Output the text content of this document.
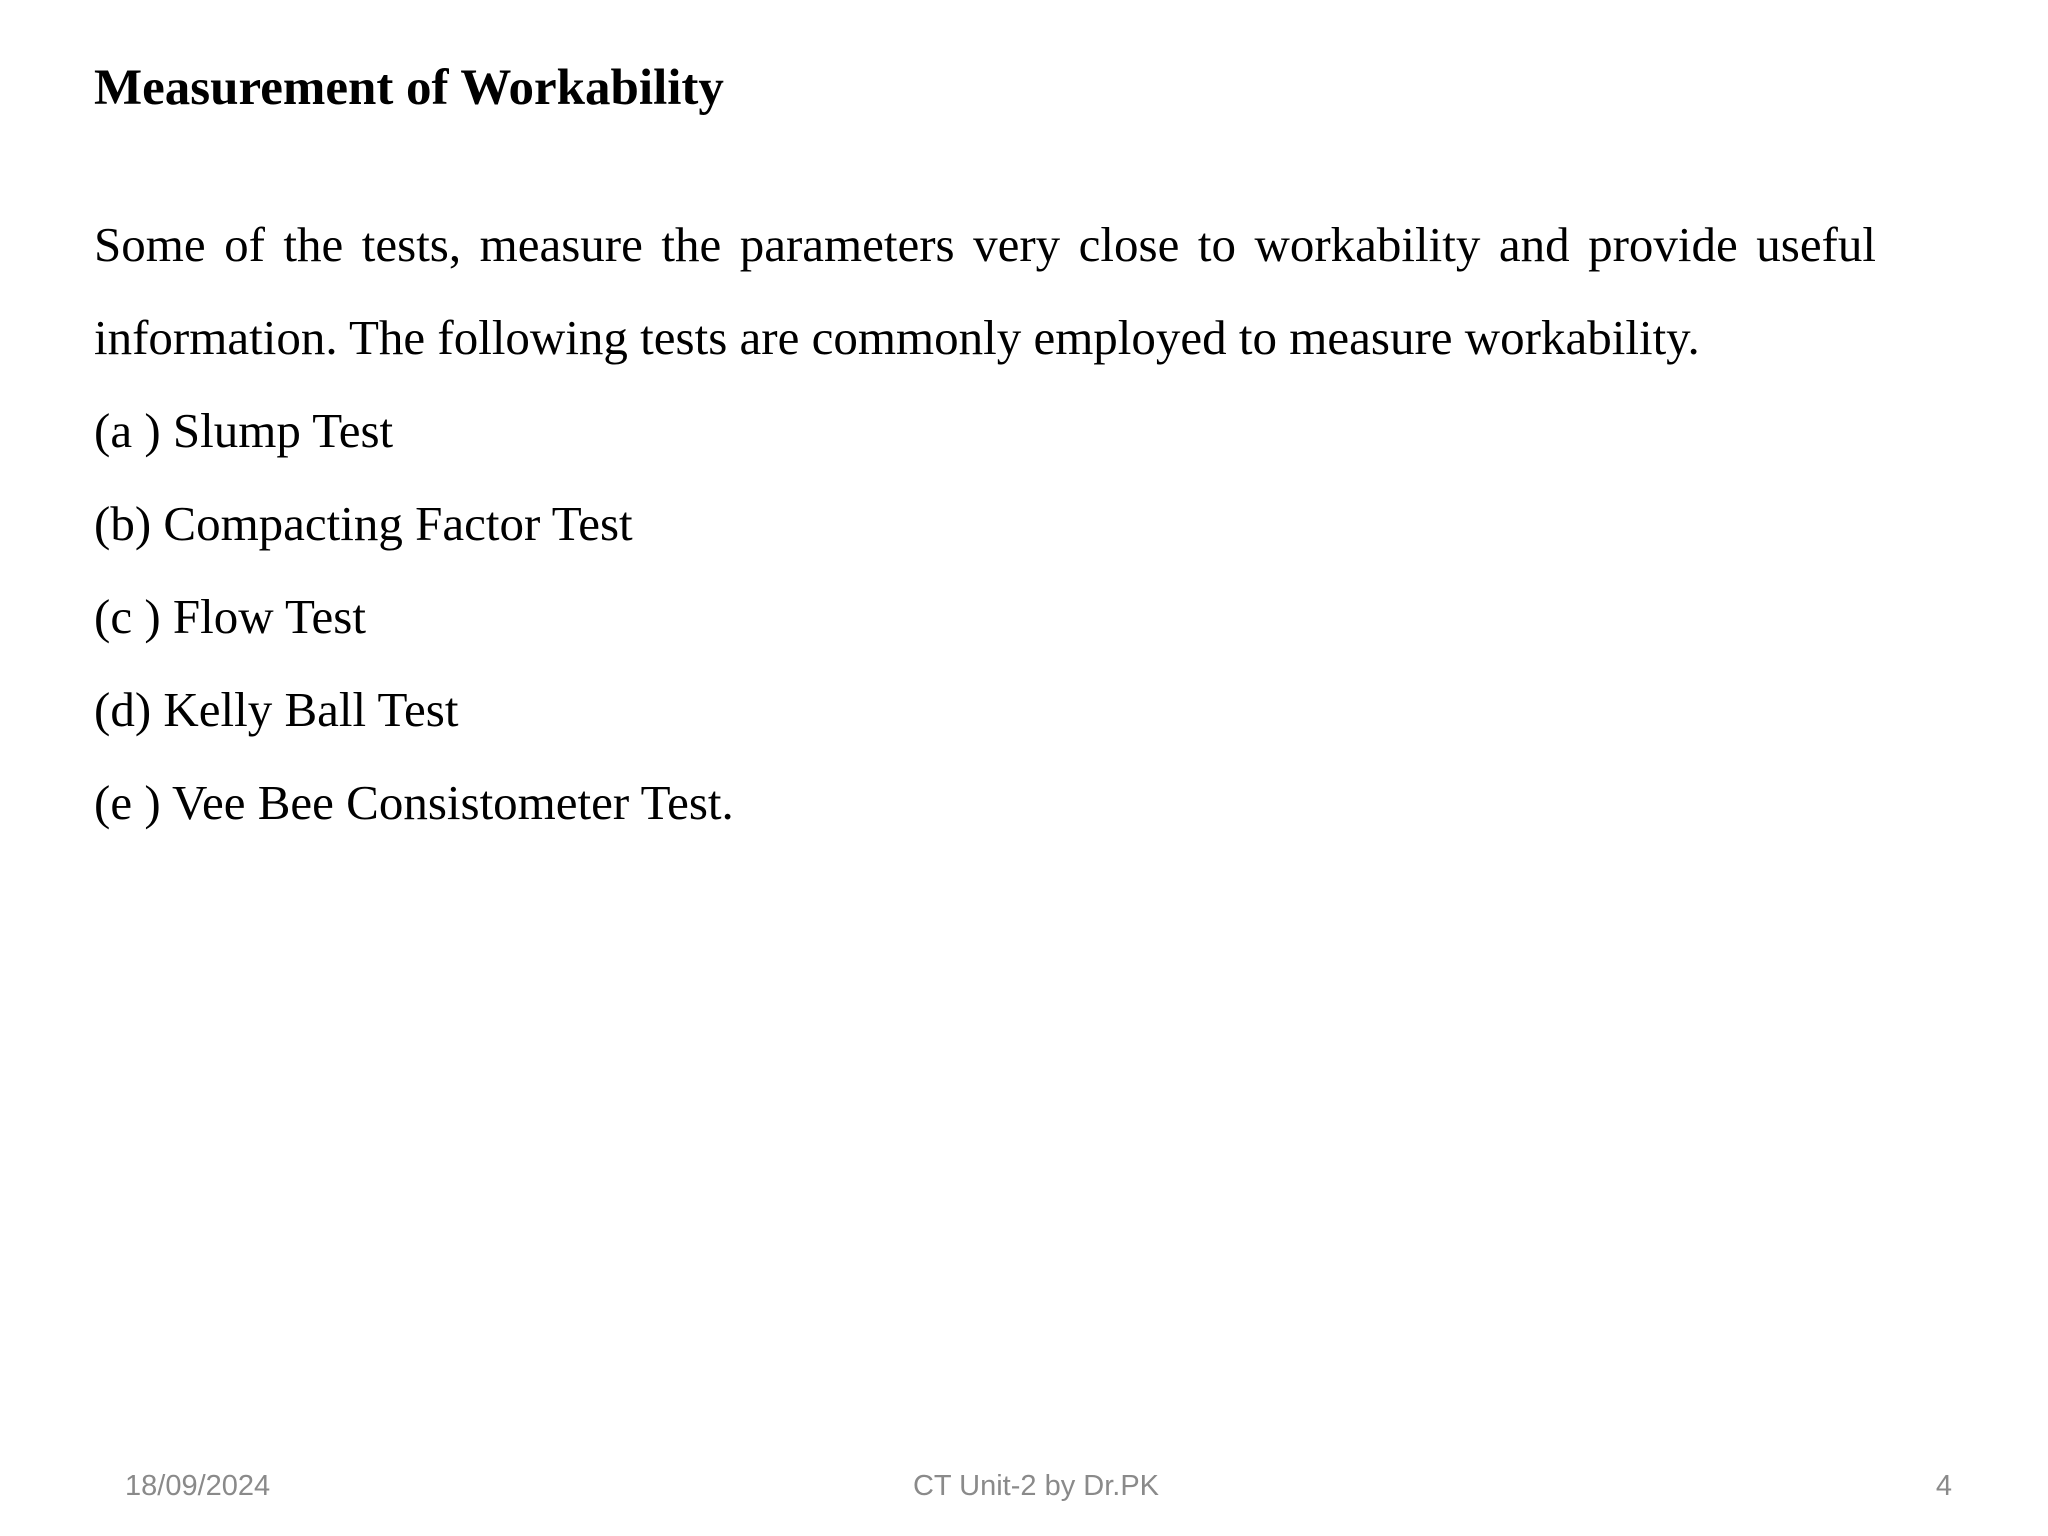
Measurement of Workability

Some of the tests, measure the parameters very close to workability and provide useful information. The following tests are commonly employed to measure workability.

(a ) Slump Test
(b) Compacting Factor Test
(c ) Flow Test
(d) Kelly Ball Test
(e ) Vee Bee Consistometer Test.
18/09/2024	CT Unit-2 by Dr.PK	4
